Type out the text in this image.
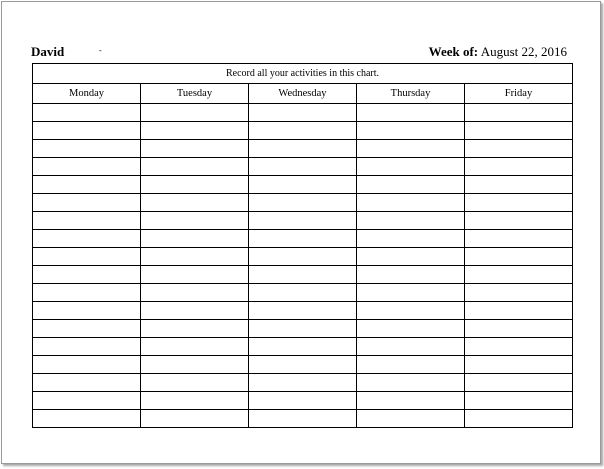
David	-	Week of: August 22, 2016
Record all your activities in this chart.				
Monday	Tuesday	Wednesday	Thursday	Friday
